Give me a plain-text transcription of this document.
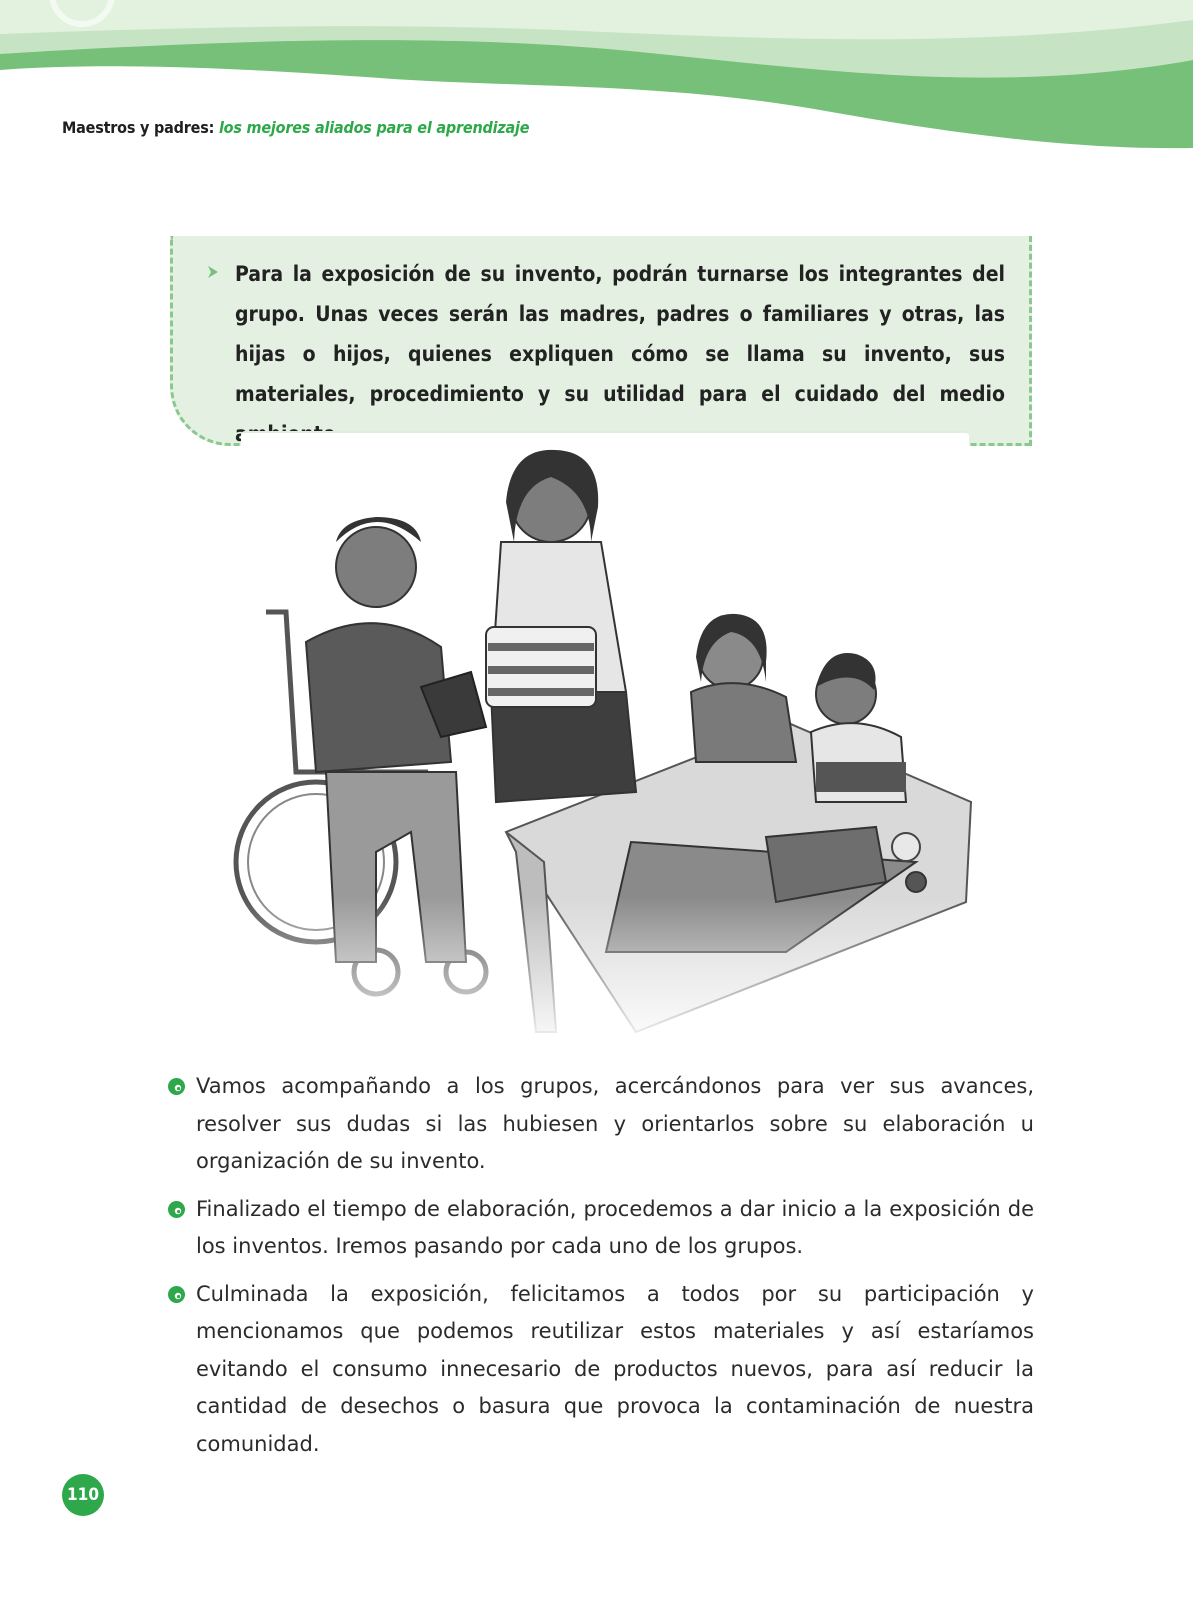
Maestros y padres: los mejores aliados para el aprendizaje
Para la exposición de su invento, podrán turnarse los integrantes del grupo. Unas veces serán las madres, padres o familiares y otras, las hijas o hijos, quienes expliquen cómo se llama su invento, sus materiales, procedimiento y su utilidad para el cuidado del medio
Vamos acompañando a los grupos, acercándonos para ver sus avances, resolver sus dudas si las hubiesen y orientarlos sobre su elaboración u organización de su invento.
Finalizado el tiempo de elaboración, procedemos a dar inicio a la exposición de los inventos. Iremos pasando por cada uno de los grupos.
Culminada la exposición, felicitamos a todos por su participación y mencionamos que podemos reutilizar estos materiales y así estaríamos evitando el consumo innecesario de productos nuevos, para así reducir la cantidad de desechos o basura que provoca la contaminación de nuestra comunidad.
110
